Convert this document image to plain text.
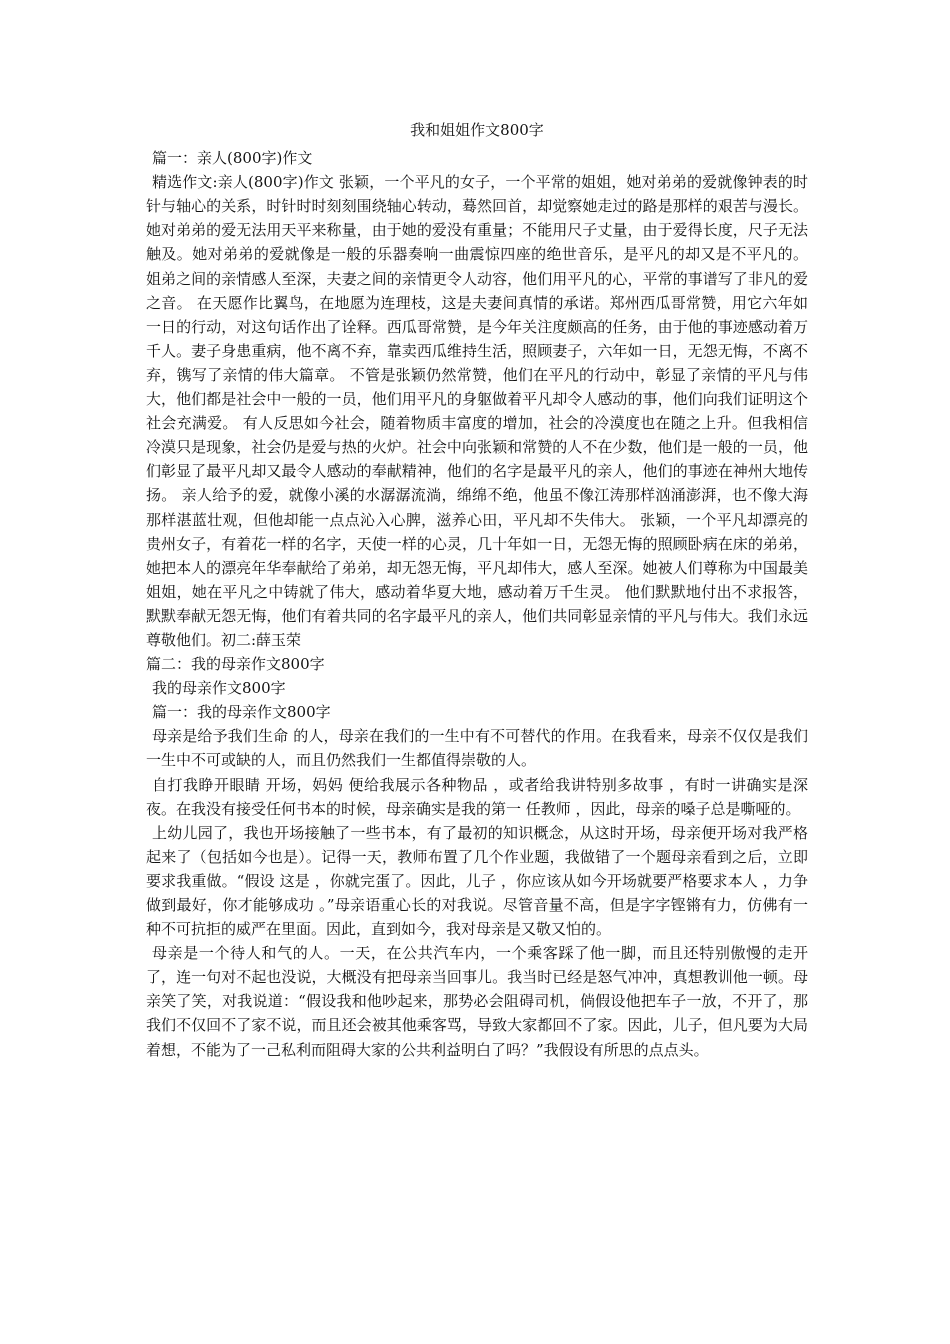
我和姐姐作文800字

篇一：亲人(800字)作文

精选作文:亲人(800字)作文 张颖，一个平凡的女子，一个平常的姐姐，她对弟弟的爱就像钟表的时针与轴心的关系，时针时时刻刻围绕轴心转动，蓦然回首，却觉察她走过的路是那样的艰苦与漫长。她对弟弟的爱无法用天平来称量，由于她的爱没有重量；不能用尺子丈量，由于爱得长度，尺子无法触及。她对弟弟的爱就像是一般的乐器奏响一曲震惊四座的绝世音乐，是平凡的却又是不平凡的。 姐弟之间的亲情感人至深，夫妻之间的亲情更令人动容，他们用平凡的心，平常的事谱写了非凡的爱之音。 在天愿作比翼鸟，在地愿为连理枝，这是夫妻间真情的承诺。郑州西瓜哥常赞，用它六年如一日的行动，对这句话作出了诠释。西瓜哥常赞，是今年关注度颇高的任务，由于他的事迹感动着万千人。妻子身患重病，他不离不弃，靠卖西瓜维持生活，照顾妻子，六年如一日，无怨无悔，不离不弃，镌写了亲情的伟大篇章。 不管是张颖仍然常赞，他们在平凡的行动中，彰显了亲情的平凡与伟大，他们都是社会中一般的一员，他们用平凡的身躯做着平凡却令人感动的事，他们向我们证明这个社会充满爱。 有人反思如今社会，随着物质丰富度的增加，社会的冷漠度也在随之上升。但我相信冷漠只是现象，社会仍是爱与热的火炉。社会中向张颖和常赞的人不在少数，他们是一般的一员，他们彰显了最平凡却又最令人感动的奉献精神，他们的名字是最平凡的亲人，他们的事迹在神州大地传扬。 亲人给予的爱，就像小溪的水潺潺流淌，绵绵不绝，他虽不像江涛那样汹涌澎湃，也不像大海那样湛蓝壮观，但他却能一点点沁入心脾，滋养心田，平凡却不失伟大。 张颖，一个平凡却漂亮的贵州女子，有着花一样的名字，天使一样的心灵，几十年如一日，无怨无悔的照顾卧病在床的弟弟，她把本人的漂亮年华奉献给了弟弟，却无怨无悔，平凡却伟大，感人至深。她被人们尊称为中国最美姐姐，她在平凡之中铸就了伟大，感动着华夏大地，感动着万千生灵。 他们默默地付出不求报答，默默奉献无怨无悔，他们有着共同的名字最平凡的亲人，他们共同彰显亲情的平凡与伟大。我们永远尊敬他们。初二:薛玉荣

篇二：我的母亲作文800字

我的母亲作文800字

篇一：我的母亲作文800字

母亲是给予我们生命 的人，母亲在我们的一生中有不可替代的作用。在我看来，母亲不仅仅是我们一生中不可或缺的人，而且仍然我们一生都值得崇敬的人。

自打我睁开眼睛 开场，妈妈 便给我展示各种物品 ，或者给我讲特别多故事 ，有时一讲确实是深夜。在我没有接受任何书本的时候，母亲确实是我的第一 任教师 ，因此，母亲的嗓子总是嘶哑的。

上幼儿园了，我也开场接触了一些书本，有了最初的知识概念，从这时开场，母亲便开场对我严格起来了（包括如今也是）。记得一天，教师布置了几个作业题，我做错了一个题母亲看到之后，立即要求我重做。“假设 这是 ，你就完蛋了。因此，儿子 ，你应该从如今开场就要严格要求本人 ，力争做到最好，你才能够成功 。”母亲语重心长的对我说。尽管音量不高，但是字字铿锵有力，仿佛有一种不可抗拒的威严在里面。因此，直到如今，我对母亲是又敬又怕的。

母亲是一个待人和气的人。一天，在公共汽车内，一个乘客踩了他一脚，而且还特别傲慢的走开了，连一句对不起也没说，大概没有把母亲当回事儿。我当时已经是怒气冲冲，真想教训他一顿。母亲笑了笑，对我说道：“假设我和他吵起来，那势必会阻碍司机，倘假设他把车子一放，不开了，那我们不仅回不了家不说，而且还会被其他乘客骂，导致大家都回不了家。因此，儿子，但凡要为大局着想，不能为了一己私利而阻碍大家的公共利益明白了吗？”我假设有所思的点点头。
